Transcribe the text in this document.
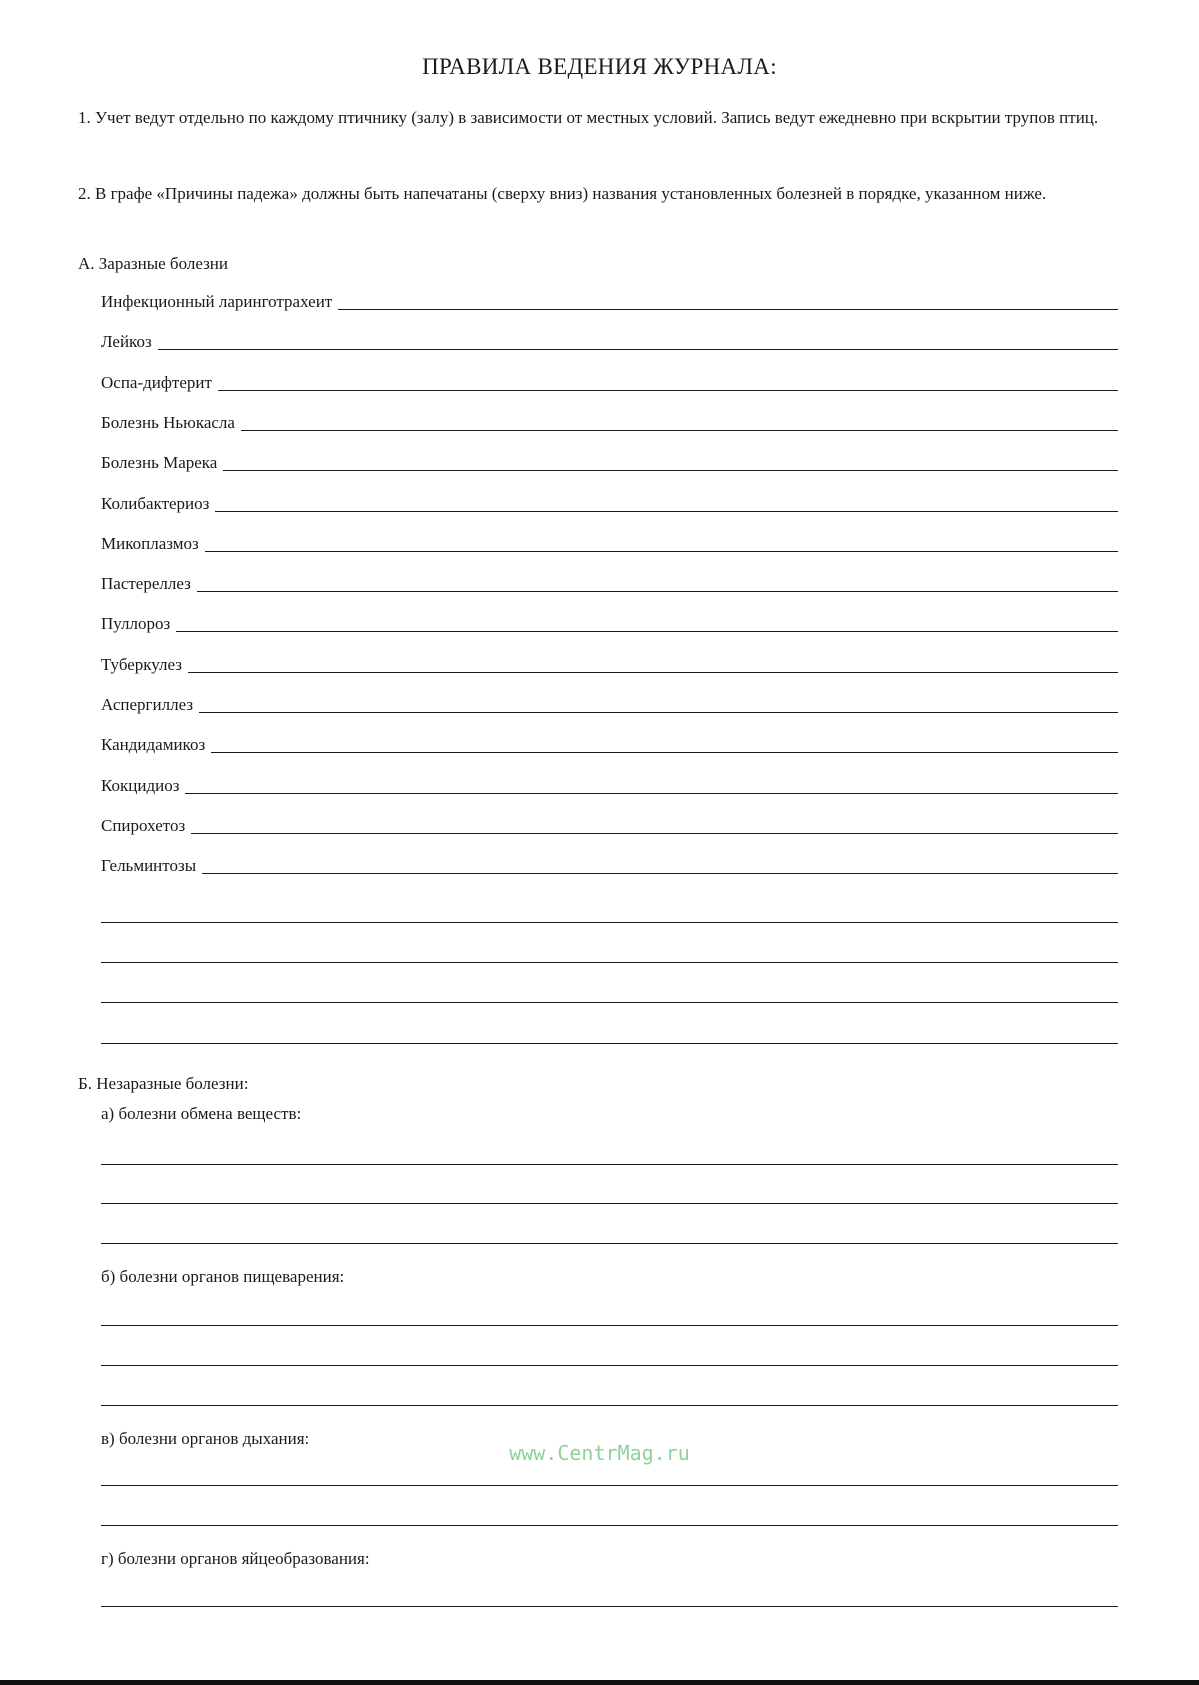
ПРАВИЛА ВЕДЕНИЯ ЖУРНАЛА:
1. Учет ведут отдельно по каждому птичнику (залу) в зависимости от местных условий. Запись ведут ежедневно при вскрытии трупов птиц.
2. В графе «Причины падежа» должны быть напечатаны (сверху вниз) названия установленных болезней в порядке, указанном ниже.
А. Заразные болезни
Инфекционный ларинготрахеит
Лейкоз
Оспа-дифтерит
Болезнь Ньюкасла
Болезнь Марека
Колибактериоз
Микоплазмоз
Пастереллез
Пуллороз
Туберкулез
Аспергиллез
Кандидамикоз
Кокцидиоз
Спирохетоз
Гельминтозы
Б. Незаразные болезни:
а) болезни обмена веществ:
б) болезни органов пищеварения:
в) болезни органов дыхания:
www.CentrMag.ru
г) болезни органов яйцеобразования:
